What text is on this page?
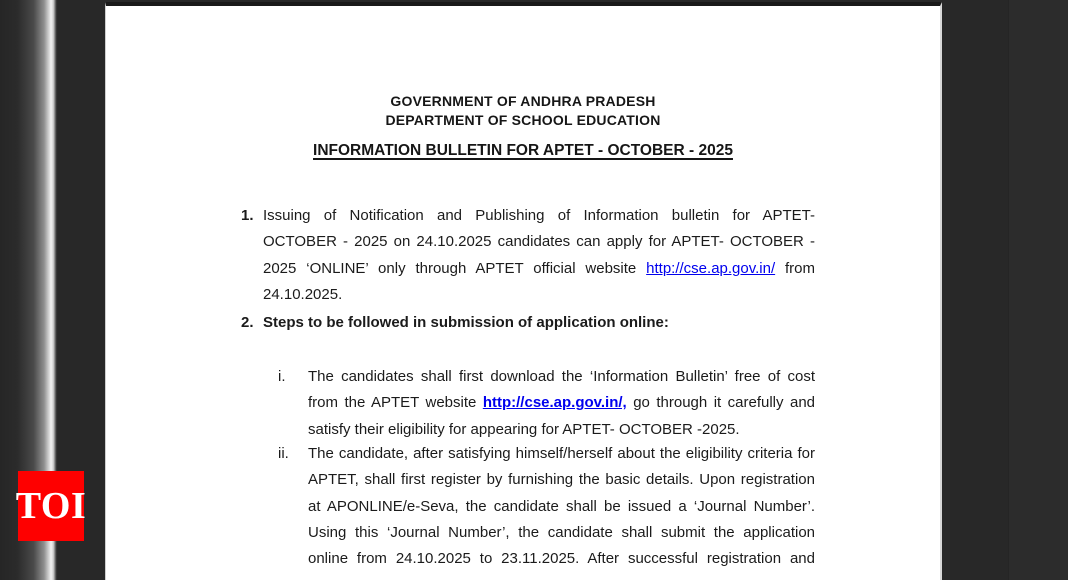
GOVERNMENT OF ANDHRA PRADESH
DEPARTMENT OF SCHOOL EDUCATION
INFORMATION BULLETIN FOR APTET - OCTOBER - 2025
1. Issuing of Notification and Publishing of Information bulletin for APTET-
OCTOBER - 2025 on 24.10.2025 candidates can apply for APTET- OCTOBER -
2025 ‘ONLINE’ only through APTET official website http://cse.ap.gov.in/ from
24.10.2025.
2. Steps to be followed in submission of application online:
i.	The candidates shall first download the ‘Information Bulletin’ free of cost
from the APTET website http://cse.ap.gov.in/, go through it carefully and
satisfy their eligibility for appearing for APTET- OCTOBER -2025.
ii.	The candidate, after satisfying himself/herself about the eligibility criteria for
APTET, shall first register by furnishing the basic details. Upon registration
at APONLINE/e-Seva, the candidate shall be issued a ‘Journal Number’.
Using this ‘Journal Number’, the candidate shall submit the application
online from 24.10.2025 to 23.11.2025. After successful registration and
TOI
